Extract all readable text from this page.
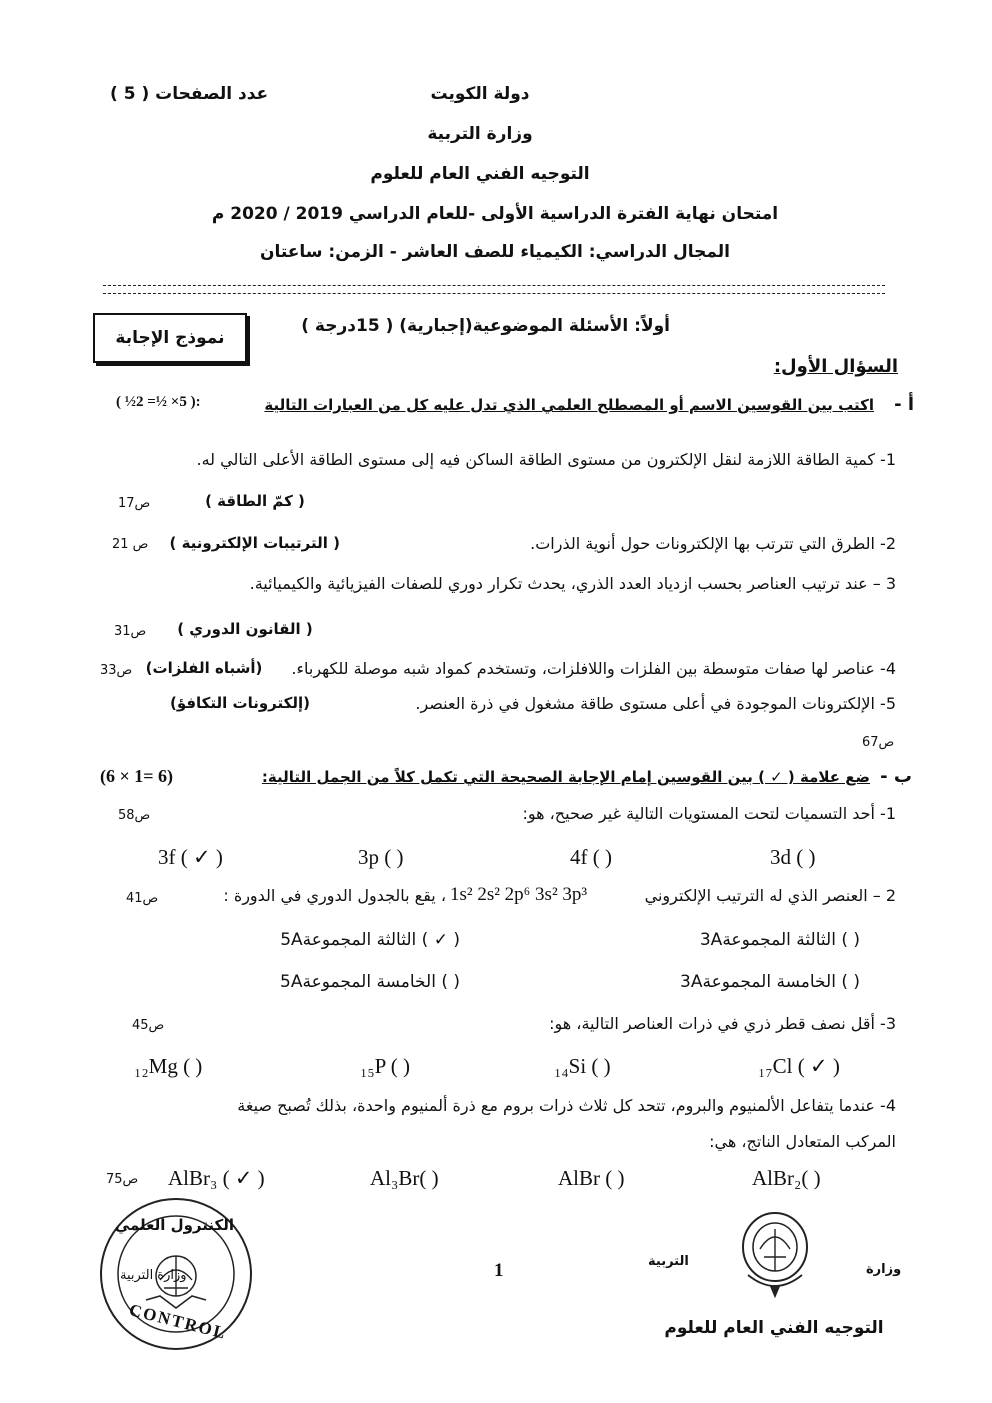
عدد الصفحات ( 5 )	دولة الكويت
وزارة التربية
التوجيه الفني العام للعلوم
امتحان نهاية الفترة الدراسية الأولى -للعام الدراسي 2019 / 2020 م
المجال الدراسي: الكيمياء للصف العاشر - الزمن: ساعتان
نموذج الإجابة
أولاً: الأسئلة الموضوعية(إجبارية) ( 15درجة )
السؤال الأول:
أ -
اكتب بين القوسين الاسم أو المصطلح العلمي الذي تدل عليه كل من العبارات التالية
:( 5× ½= 2½ )
1- كمية الطاقة اللازمة لنقل الإلكترون من مستوى الطاقة الساكن فيه إلى مستوى الطاقة الأعلى التالي له.
( كمّ الطاقة )
ص17
2- الطرق التي تترتب بها الإلكترونات حول أنوية الذرات.
( الترتيبات الإلكترونية )
ص 21
3 – عند ترتيب العناصر بحسب ازدياد العدد الذري، يحدث تكرار دوري للصفات الفيزيائية والكيميائية.
( القانون الدوري )
ص31
4- عناصر لها صفات متوسطة بين الفلزات واللافلزات، وتستخدم كمواد شبه موصلة للكهرباء.
(أشباه الفلزات)
ص33
5- الإلكترونات الموجودة في أعلى مستوى طاقة مشغول في ذرة العنصر.
(إلكترونات التكافؤ)
ص67
ب -
ضع علامة ( ✓ ) بين القوسين إمام الإجابة الصحيحة التي تكمل كلاً من الجمل التالية:
(6 × 1= 6)
1- أحد التسميات لتحت المستويات التالية غير صحيح، هو:
ص58
3d ( )
4f ( )
3p ( )
3f ( ✓ )
2 – العنصر الذي له الترتيب الإلكتروني
1s² 2s² 2p⁶ 3s² 3p³
، يقع بالجدول الدوري في الدورة :
ص41
( ) الثالثة المجموعة3A
( ✓ ) الثالثة المجموعة5A
( ) الخامسة المجموعة3A
( ) الخامسة المجموعة5A
3- أقل نصف قطر ذري في ذرات العناصر التالية، هو:
ص45
₁₇Cl ( ✓ )
₁₄Si ( )
₁₅P ( )
₁₂Mg ( )
4- عندما يتفاعل الألمنيوم والبروم، تتحد كل ثلاث ذرات بروم مع ذرة ألمنيوم واحدة، بذلك تُصبح صيغة
المركب المتعادل الناتج، هي:
ص75	AlBr₂( )
AlBr ( )
Al₃Br( )
AlBr₃ ( ✓ )
الكنترول العلمي
وزارة التربية
CONTROL
1	وزارة
التربية
التوجيه الفني العام للعلوم
